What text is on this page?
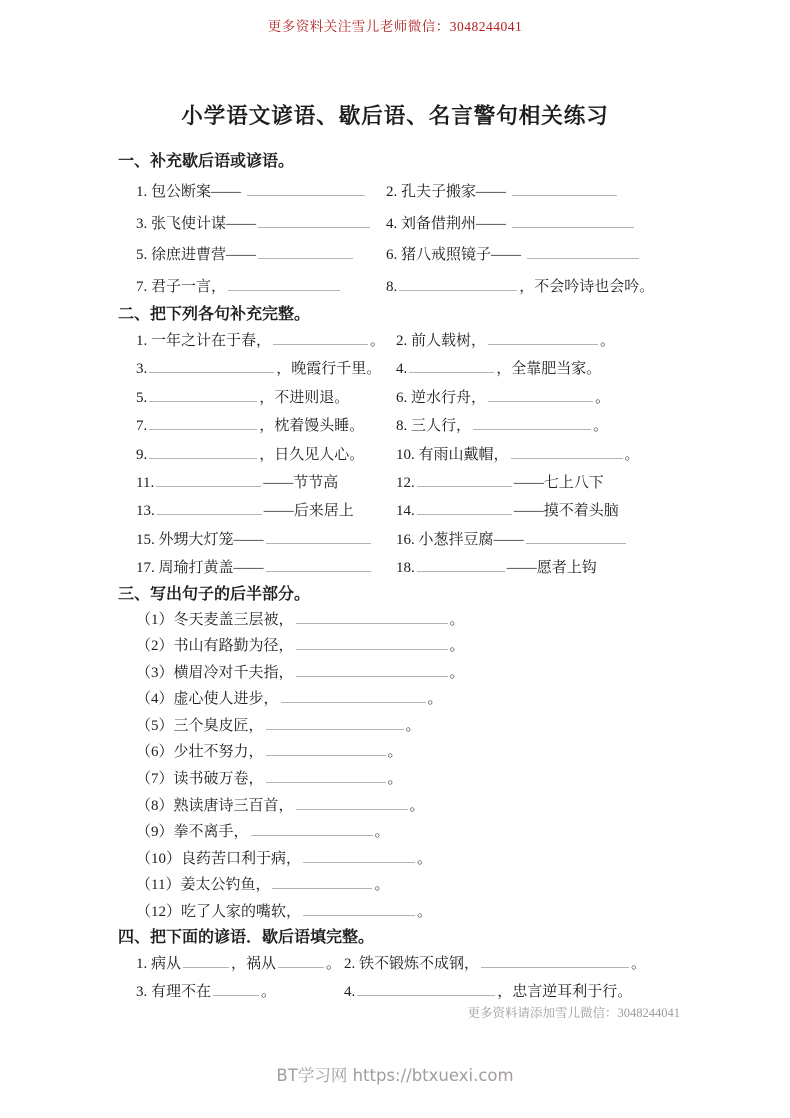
更多资料关注雪儿老师微信：3048244041
小学语文谚语、歇后语、名言警句相关练习
一、补充歇后语或谚语。
1. 包公断案——	2. 孔夫子搬家——
3. 张飞使计谋——	4. 刘备借荆州——
5. 徐庶进曹营——	6. 猪八戒照镜子——
7. 君子一言，	8.	，不会吟诗也会吟。
二、把下列各句补充完整。
1. 一年之计在于春，	。 2. 前人载树，	。
3.	，晚霞行千里。 4.	，全靠肥当家。
5.	，不进则退。	6. 逆水行舟，	。
7.	，枕着馒头睡。	8. 三人行，	。
9.	，日久见人心。	10. 有雨山戴帽，	。
11.	——节节高	12.	——七上八下
13.	——后来居上	14.	——摸不着头脑
15. 外甥大灯笼——	16. 小葱拌豆腐——
17. 周瑜打黄盖——	18.	——愿者上钩
三、写出句子的后半部分。
（1）冬天麦盖三层被，	。
（2）书山有路勤为径，	。
（3）横眉冷对千夫指，	。
（4）虚心使人进步，	。
（5）三个臭皮匠，	。
（6）少壮不努力，	。
（7）读书破万卷，	。
（8）熟读唐诗三百首，	。
（9）拳不离手，	。
（10）良药苦口利于病，	。
（11）姜太公钓鱼，	。
（12）吃了人家的嘴软，	。
四、把下面的谚语．歇后语填完整。
1. 病从	，祸从	。 2. 铁不锻炼不成钢，	。
3. 有理不在	。	4.	，忠言逆耳利于行。
更多资料请添加雪儿微信：3048244041
BT学习网 https://btxuexi.com
